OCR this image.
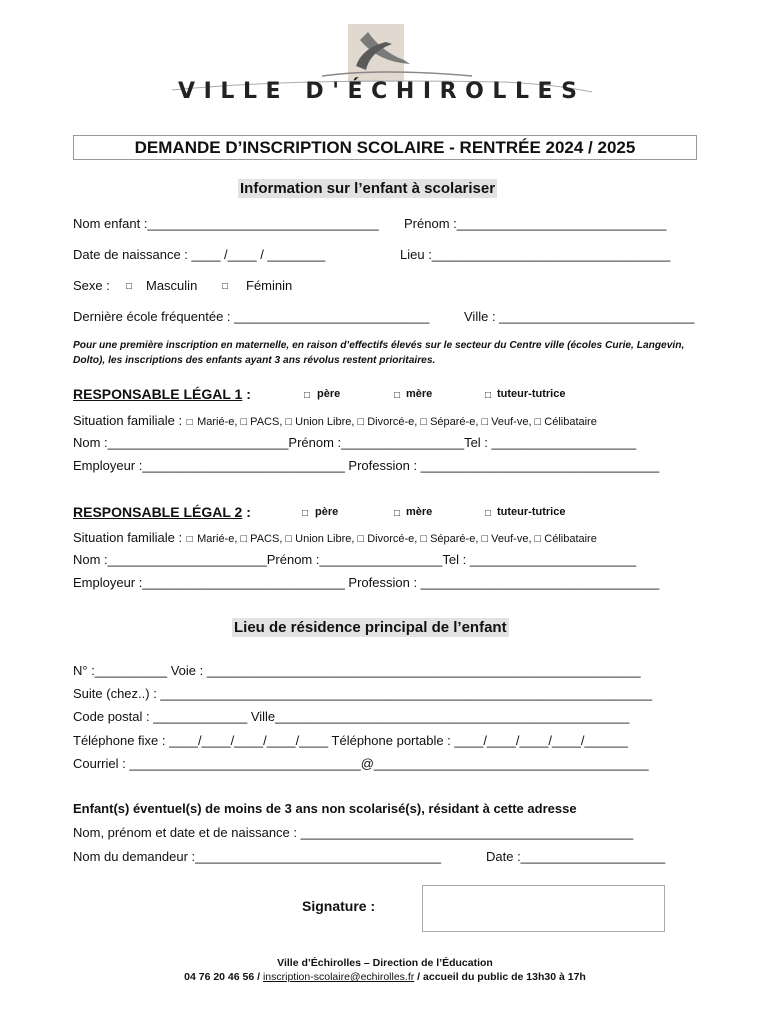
VILLE D'ÉCHIROLLES
DEMANDE D’INSCRIPTION SCOLAIRE - RENTRÉE 2024 / 2025
Information sur l’enfant à scolariser
Nom enfant :________________________________ Prénom :_____________________________
Date de naissance : ____ /____ / ________	Lieu :_________________________________
Sexe : □ Masculin □ Féminin
Dernière école fréquentée : ___________________________	Ville : ___________________________
Pour une première inscription en maternelle, en raison d’effectifs élevés sur le secteur du Centre ville (écoles Curie, Langevin, Dolto), les inscriptions des enfants ayant 3 ans révolus restent prioritaires.
RESPONSABLE LÉGAL 1 :	□ père	□ mère	□ tuteur-tutrice
Situation familiale : □ Marié-e, □ PACS, □ Union Libre, □ Divorcé-e, □ Séparé-e, □ Veuf-ve, □ Célibataire
Nom :_________________________Prénom :_________________Tel : ____________________
Employeur :____________________________ Profession : _________________________________
RESPONSABLE LÉGAL 2 :	□ père	□ mère	□ tuteur-tutrice
Situation familiale : □ Marié-e, □ PACS, □ Union Libre, □ Divorcé-e, □ Séparé-e, □ Veuf-ve, □ Célibataire
Nom :______________________Prénom :_________________Tel : _______________________
Employeur :____________________________ Profession : _________________________________
Lieu de résidence principal de l’enfant
N° :__________ Voie : ____________________________________________________________
Suite (chez..) : ____________________________________________________________________
Code postal : _____________ Ville_________________________________________________
Téléphone fixe : ____/____/____/____/____ Téléphone portable : ____/____/____/____/______
Courriel : ________________________________@______________________________________
Enfant(s) éventuel(s) de moins de 3 ans non scolarisé(s), résidant à cette adresse
Nom, prénom et date et de naissance : ______________________________________________
Nom du demandeur :__________________________________	Date :____________________
Signature :
Ville d’Échirolles – Direction de l’Éducation
04 76 20 46 56 / inscription-scolaire@echirolles.fr / accueil du public de 13h30 à 17h
